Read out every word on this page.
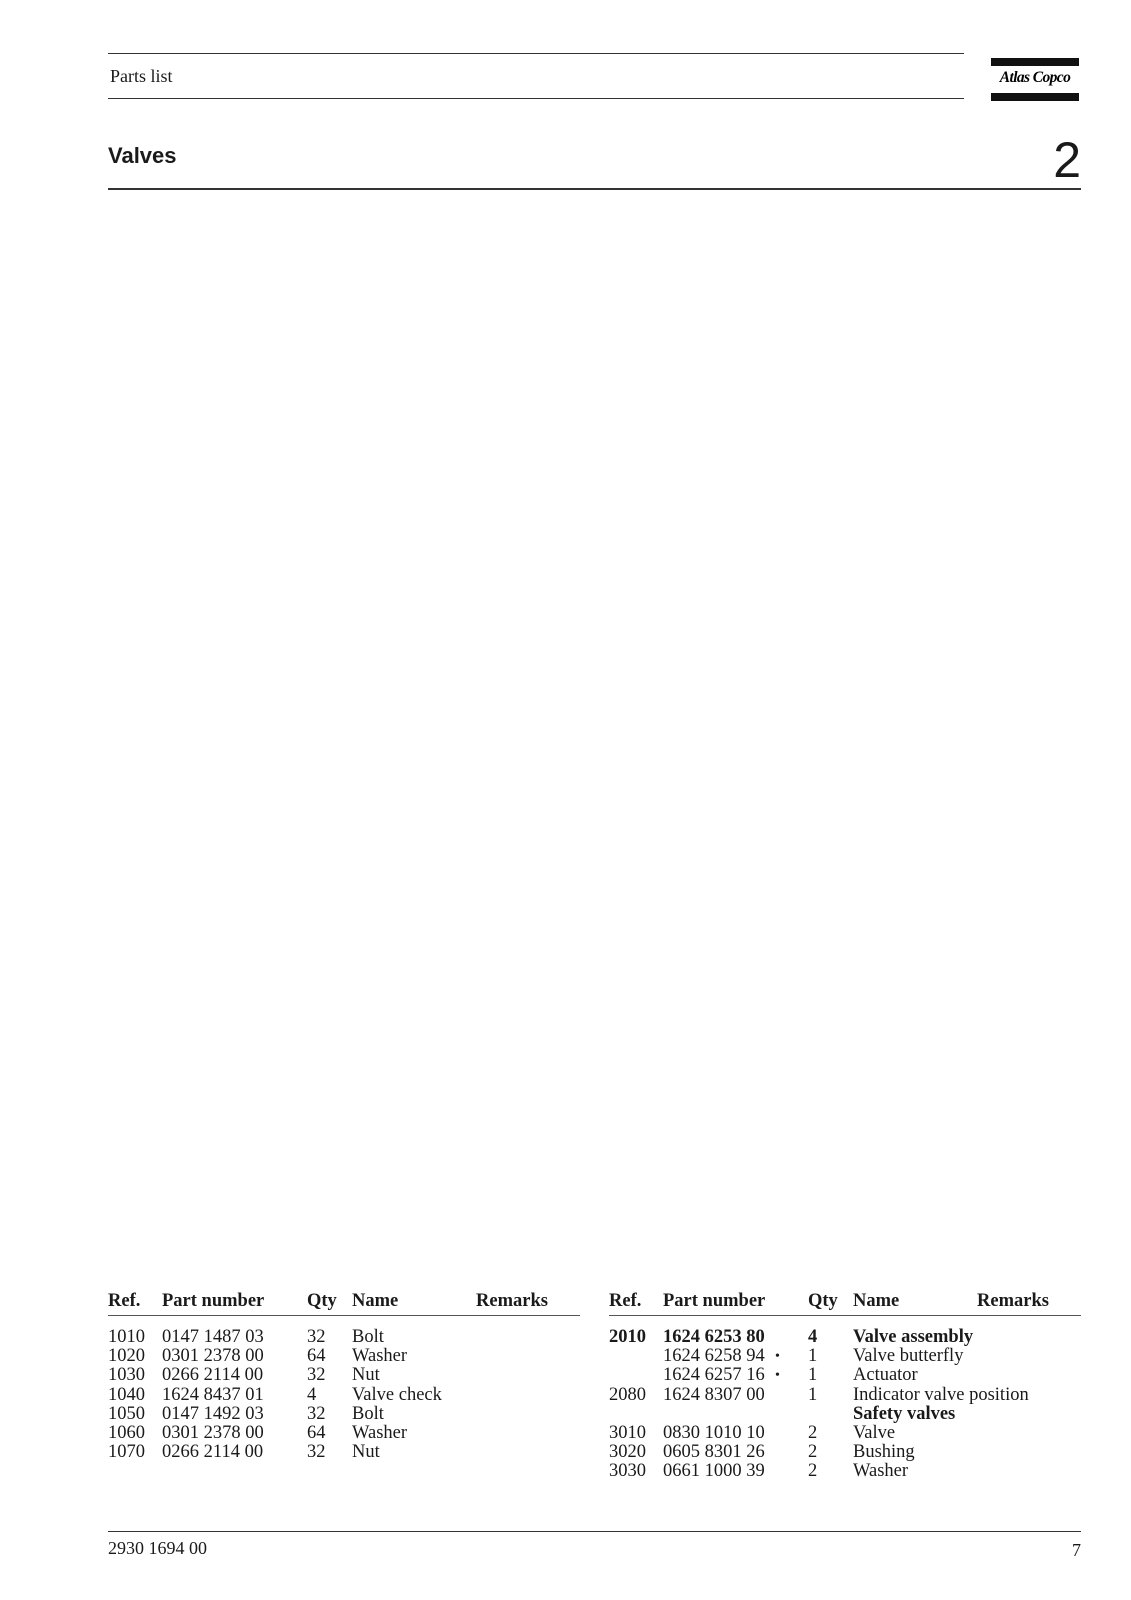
Parts list	Atlas Copco
Valves	2
Ref. Part number Qty Name	Remarks
1010 0147 1487 03 32 Bolt
1020 0301 2378 00 64 Washer
1030 0266 2114 00 32 Nut
1040 1624 8437 01 4 Valve check
1050 0147 1492 03 32 Bolt
1060 0301 2378 00 64 Washer
1070 0266 2114 00 32 Nut
Ref. Part number Qty Name	Remarks
2010 1624 6253 80 4 Valve assembly
1624 6258 94 • 1 Valve butterfly
1624 6257 16 • 1 Actuator
2080 1624 8307 00 1 Indicator valve position
Safety valves
3010 0830 1010 10 2 Valve
3020 0605 8301 26 2 Bushing
3030 0661 1000 39 2 Washer
2930 1694 00	7
